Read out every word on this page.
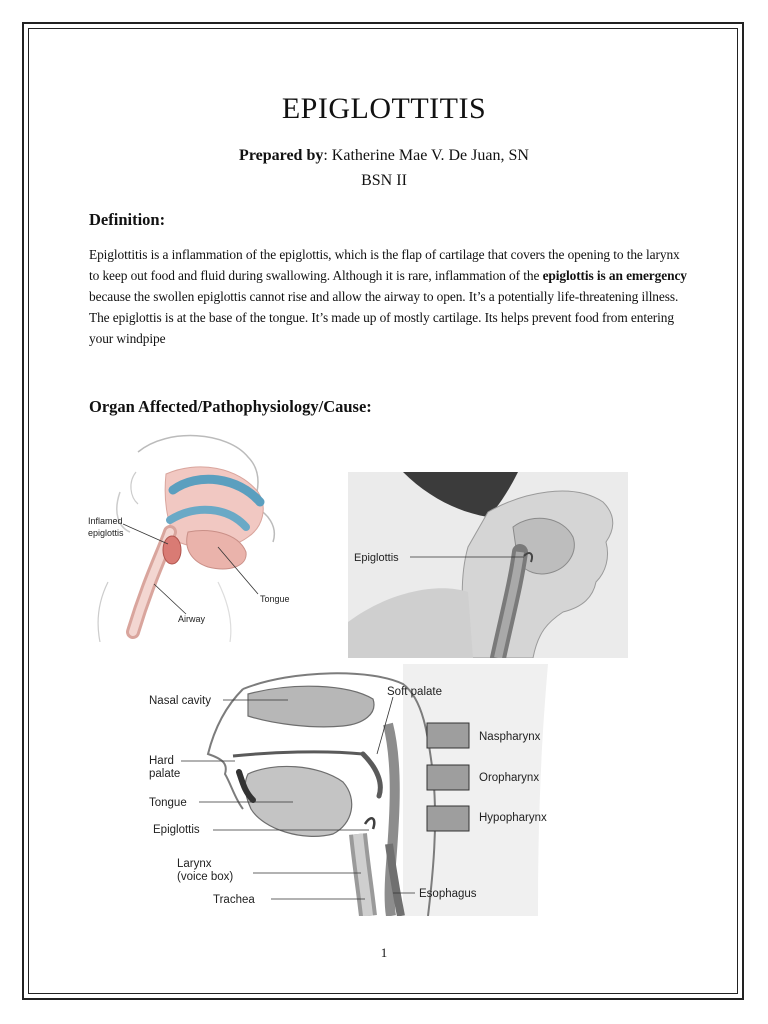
EPIGLOTTITIS
Prepared by: Katherine Mae V. De Juan, SN
BSN II
Definition:
Epiglottitis is a inflammation of the epiglottis, which is the flap of cartilage that covers the opening to the larynx to keep out food and fluid during swallowing. Although it is rare, inflammation of the epiglottis is an emergency because the swollen epiglottis cannot rise and allow the airway to open. It’s a potentially life-threatening illness. The epiglottis is at the base of the tongue. It’s made up of mostly cartilage. Its helps prevent food from entering your windpipe
Organ Affected/Pathophysiology/Cause:
Inflamed
epiglottis
Tongue
Airway
Epiglottis
Nasal cavity
Soft palate
Hard
palate
Tongue
Epiglottis
Larynx
(voice box)
Trachea	Esophagus
Naspharynx
Oropharynx
Hypopharynx
1
